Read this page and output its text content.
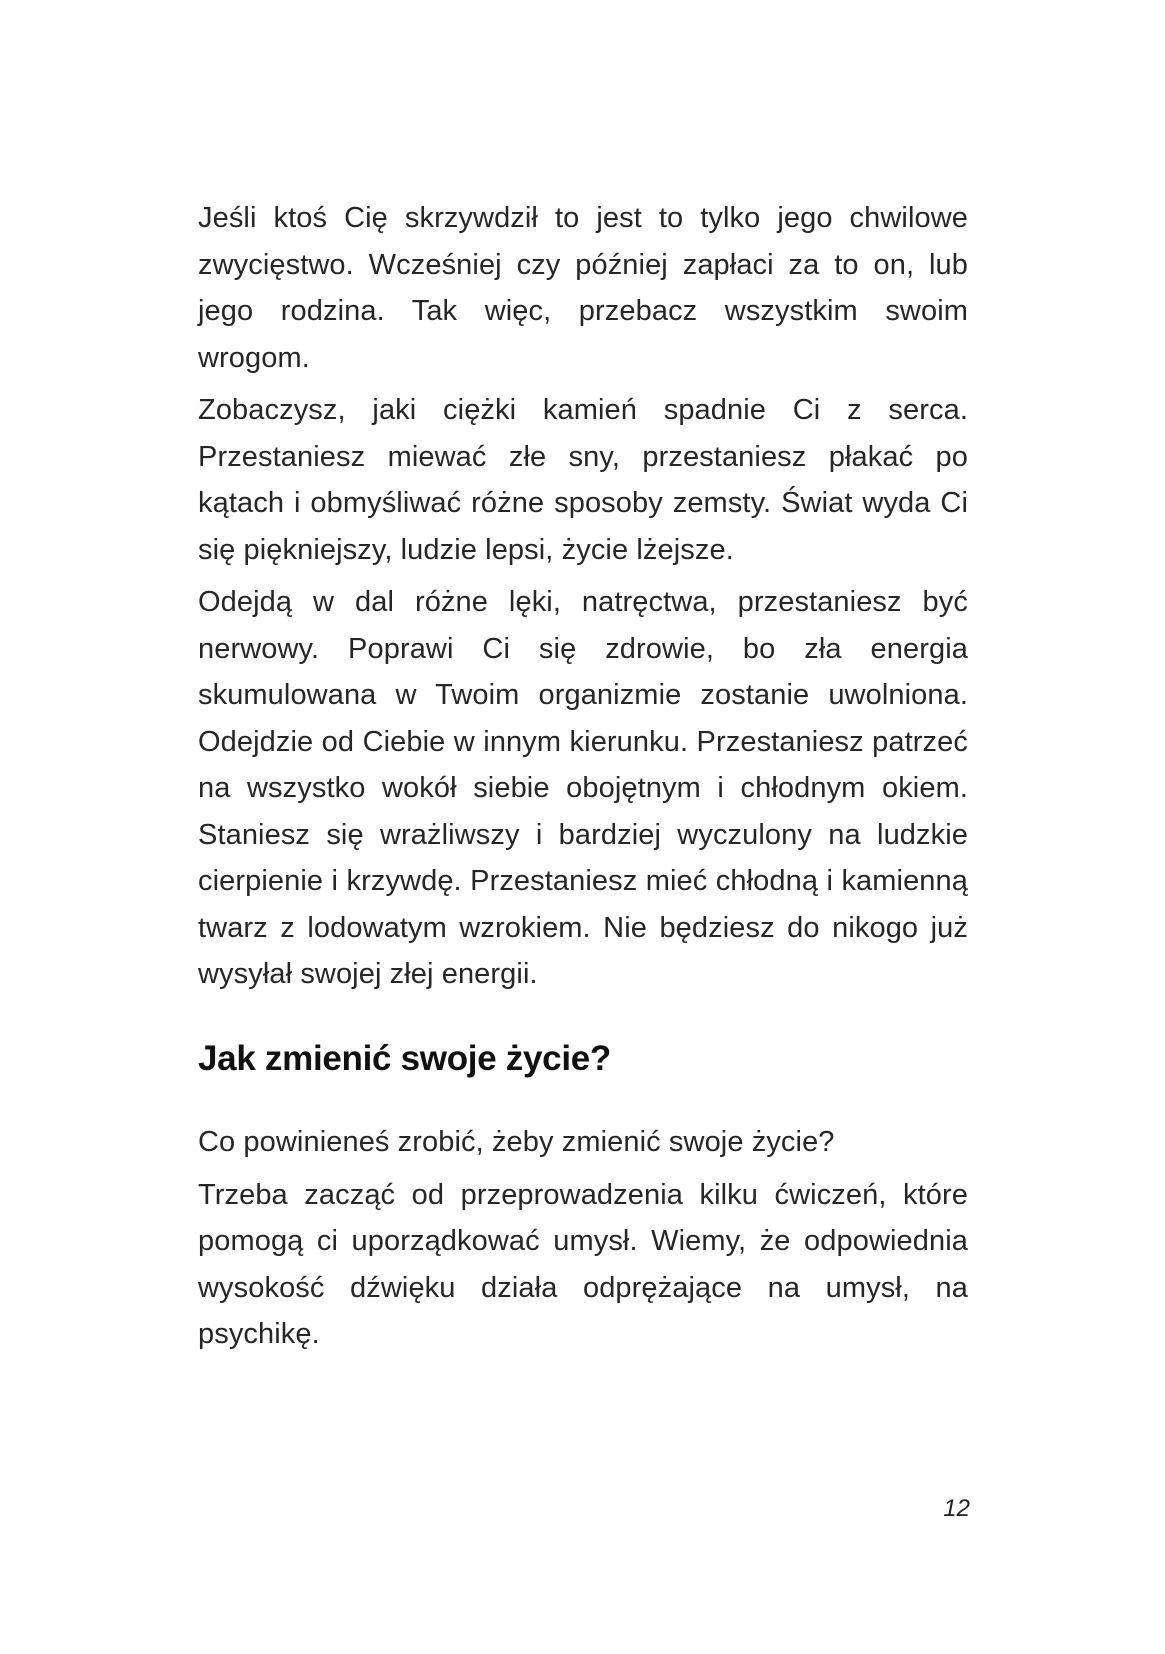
Jeśli ktoś Cię skrzywdził to jest to tylko jego chwilowe zwycięstwo. Wcześniej czy później zapłaci za to on, lub jego rodzina. Tak więc, przebacz wszystkim swoim wrogom.

Zobaczysz, jaki ciężki kamień spadnie Ci z serca. Przestaniesz miewać złe sny, przestaniesz płakać po kątach i obmyśliwać różne sposoby zemsty. Świat wyda Ci się piękniejszy, ludzie lepsi, życie lżejsze.

Odejdą w dal różne lęki, natręctwa, przestaniesz być nerwowy. Poprawi Ci się zdrowie, bo zła energia skumulowana w Twoim organizmie zostanie uwolniona. Odejdzie od Ciebie w innym kierunku. Przestaniesz patrzeć na wszystko wokół siebie obojętnym i chłodnym okiem. Staniesz się wrażliwszy i bardziej wyczulony na ludzkie cierpienie i krzywdę. Przestaniesz mieć chłodną i kamienną twarz z lodowatym wzrokiem. Nie będziesz do nikogo już wysyłał swojej złej energii.

Jak zmienić swoje życie?

Co powinieneś zrobić, żeby zmienić swoje życie?

Trzeba zacząć od przeprowadzenia kilku ćwiczeń, które pomogą ci uporządkować umysł. Wiemy, że odpowiednia wysokość dźwięku działa odprężające na umysł, na psychikę.

12
